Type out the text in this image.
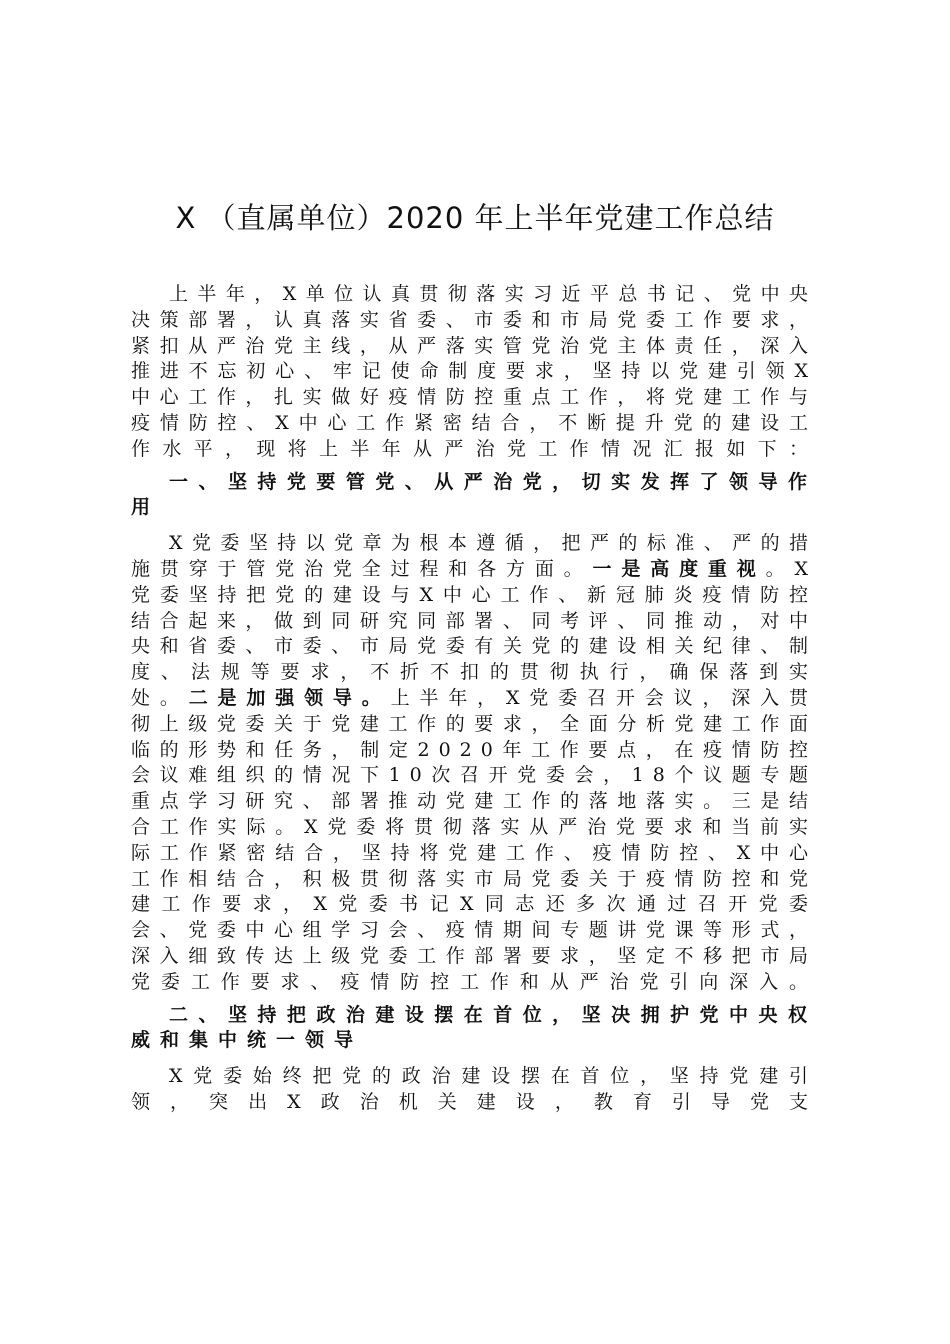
X （直属单位）2020 年上半年党建工作总结

上半年，X单位认真贯彻落实习近平总书记、党中央决策部署，认真落实省委、市委和市局党委工作要求，紧扣从严治党主线，从严落实管党治党主体责任，深入推进不忘初心、牢记使命制度要求，坚持以党建引领X中心工作，扎实做好疫情防控重点工作，将党建工作与疫情防控、X中心工作紧密结合，不断提升党的建设工作水平，现将上半年从严治党工作情况汇报如下：

一、坚持党要管党、从严治党，切实发挥了领导作用

X党委坚持以党章为根本遵循，把严的标准、严的措施贯穿于管党治党全过程和各方面。一是高度重视。X党委坚持把党的建设与X中心工作、新冠肺炎疫情防控结合起来，做到同研究同部署、同考评、同推动，对中央和省委、市委、市局党委有关党的建设相关纪律、制度、法规等要求，不折不扣的贯彻执行，确保落到实处。二是加强领导。上半年，X党委召开会议，深入贯彻上级党委关于党建工作的要求，全面分析党建工作面临的形势和任务，制定2020年工作要点，在疫情防控会议难组织的情况下10次召开党委会，18个议题专题重点学习研究、部署推动党建工作的落地落实。三是结合工作实际。X党委将贯彻落实从严治党要求和当前实际工作紧密结合，坚持将党建工作、疫情防控、X中心工作相结合，积极贯彻落实市局党委关于疫情防控和党建工作要求，X党委书记X同志还多次通过召开党委会、党委中心组学习会、疫情期间专题讲党课等形式，深入细致传达上级党委工作部署要求，坚定不移把市局党委工作要求、疫情防控工作和从严治党引向深入。

二、坚持把政治建设摆在首位，坚决拥护党中央权威和集中统一领导

X党委始终把党的政治建设摆在首位，坚持党建引领，突出X政治机关建设，教育引导党支
